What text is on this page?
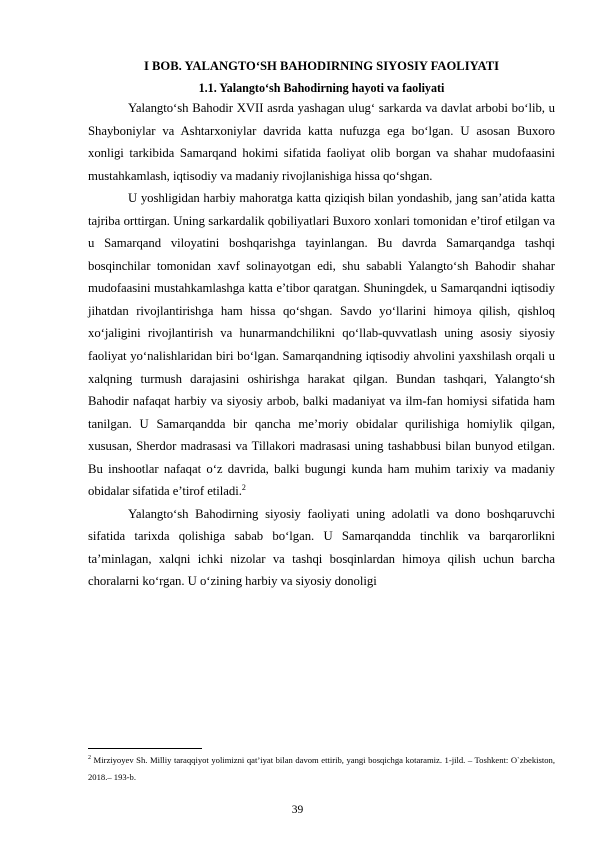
I BOB. YALANGTO‘SH BAHODIRNING SIYOSIY FAOLIYATI
1.1. Yalangto‘sh Bahodirning hayoti va faoliyati

Yalangto‘sh Bahodir XVII asrda yashagan ulug‘ sarkarda va davlat arbobi bo‘lib, u Shayboniylar va Ashtarxoniylar davrida katta nufuzga ega bo‘lgan. U asosan Buxoro xonligi tarkibida Samarqand hokimi sifatida faoliyat olib borgan va shahar mudofaasini mustahkamlash, iqtisodiy va madaniy rivojlanishiga hissa qo‘shgan.

U yoshligidan harbiy mahoratga katta qiziqish bilan yondashib, jang san’atida katta tajriba orttirgan. Uning sarkardalik qobiliyatlari Buxoro xonlari tomonidan e’tirof etilgan va u Samarqand viloyatini boshqarishga tayinlangan. Bu davrda Samarqandga tashqi bosqinchilar tomonidan xavf solinayotgan edi, shu sababli Yalangto‘sh Bahodir shahar mudofaasini mustahkamlashga katta e’tibor qaratgan. Shuningdek, u Samarqandni iqtisodiy jihatdan rivojlantirishga ham hissa qo‘shgan. Savdo yo‘llarini himoya qilish, qishloq xo‘jaligini rivojlantirish va hunarmandchilikni qo‘llab-quvvatlash uning asosiy siyosiy faoliyat yo‘nalishlaridan biri bo‘lgan. Samarqandning iqtisodiy ahvolini yaxshilash orqali u xalqning turmush darajasini oshirishga harakat qilgan. Bundan tashqari, Yalangto‘sh Bahodir nafaqat harbiy va siyosiy arbob, balki madaniyat va ilm-fan homiysi sifatida ham tanilgan. U Samarqandda bir qancha me’moriy obidalar qurilishiga homiylik qilgan, xususan, Sherdor madrasasi va Tillakori madrasasi uning tashabbusi bilan bunyod etilgan. Bu inshootlar nafaqat o‘z davrida, balki bugungi kunda ham muhim tarixiy va madaniy obidalar sifatida e’tirof etiladi.$^2$

Yalangto‘sh Bahodirning siyosiy faoliyati uning adolatli va dono boshqaruvchi sifatida tarixda qolishiga sabab bo‘lgan. U Samarqandda tinchlik va barqarorlikni ta’minlagan, xalqni ichki nizolar va tashqi bosqinlardan himoya qilish uchun barcha choralarni ko‘rgan. U o‘zining harbiy va siyosiy donoligi

$^2$ Mirziyoyev Sh. Milliy taraqqiyot yolimizni qat’iyat bilan davom ettirib, yangi bosqichga kotaramiz. 1-jild. – Toshkent: O`zbekiston, 2018.– 193-b.

39
